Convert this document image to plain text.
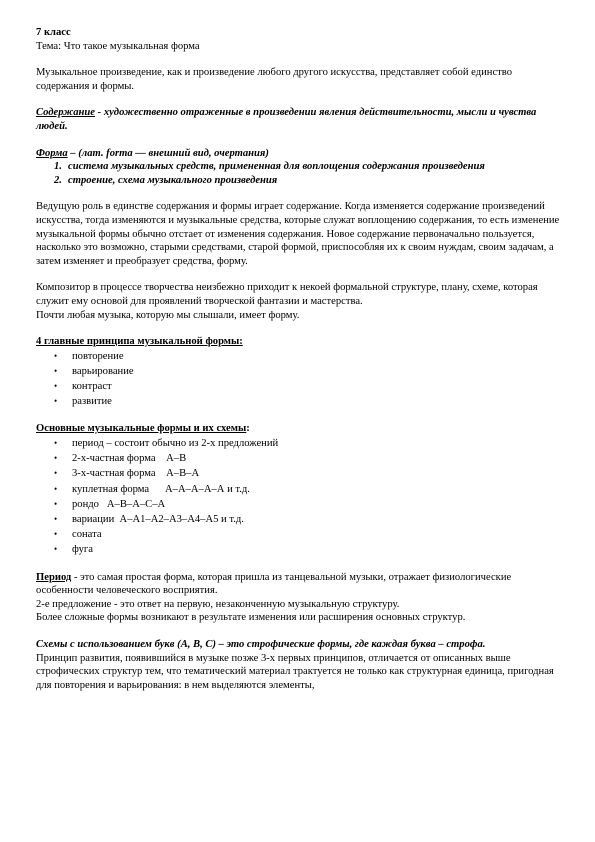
7 класс

Тема: Что такое музыкальная форма

Музыкальное произведение, как и произведение любого другого искусства, представляет собой единство содержания и формы.

Содержание - художественно отраженные в произведении явления действительности, мысли и чувства людей.

Форма – (лат. forma — внешний вид, очертания)

1. система музыкальных средств, примененная для воплощения содержания произведения
2. строение, схема музыкального произведения

Ведущую роль в единстве содержания и формы играет содержание. Когда изменяется содержание произведений искусства, тогда изменяются и музыкальные средства, которые служат воплощению содержания, то есть изменение музыкальной формы обычно отстает от изменения содержания. Новое содержание первоначально пользуется, насколько это возможно, старыми средствами, старой формой, приспособляя их к своим нуждам, своим задачам, а затем изменяет и преобразует средства, форму.

Композитор в процессе творчества неизбежно приходит к некоей формальной структуре, плану, схеме, которая служит ему основой для проявлений творческой фантазии и мастерства.

Почти любая музыка, которую мы слышали, имеет форму.

4 главные принципа музыкальной формы:

• повторение
• варьирование
• контраст
• развитие

Основные музыкальные формы и их схемы:

• период – состоит обычно из 2-х предложений
• 2-х-частная форма    А–В
• 3-х-частная форма    А–В–А
• куплетная форма      А–А–А–А–А и т.д.
• рондо   А–В–А–С–А
• вариации  А–А1–А2–А3–А4–А5 и т.д.
• соната
• фуга

Период - это самая простая форма, которая пришла из танцевальной музыки, отражает физиологические особенности человеческого восприятия.

2-е предложение - это ответ на первую, незаконченную музыкальную структуру.

Более сложные формы возникают в результате изменения или расширения основных структур.

Схемы с использованием букв (А, В, С) – это строфические формы, где каждая буква – строфа.

Принцип развития, появившийся в музыке позже 3-х первых принципов, отличается от описанных выше строфических структур тем, что тематический материал трактуется не только как структурная единица, пригодная для повторения и варьирования: в нем выделяются элементы,
